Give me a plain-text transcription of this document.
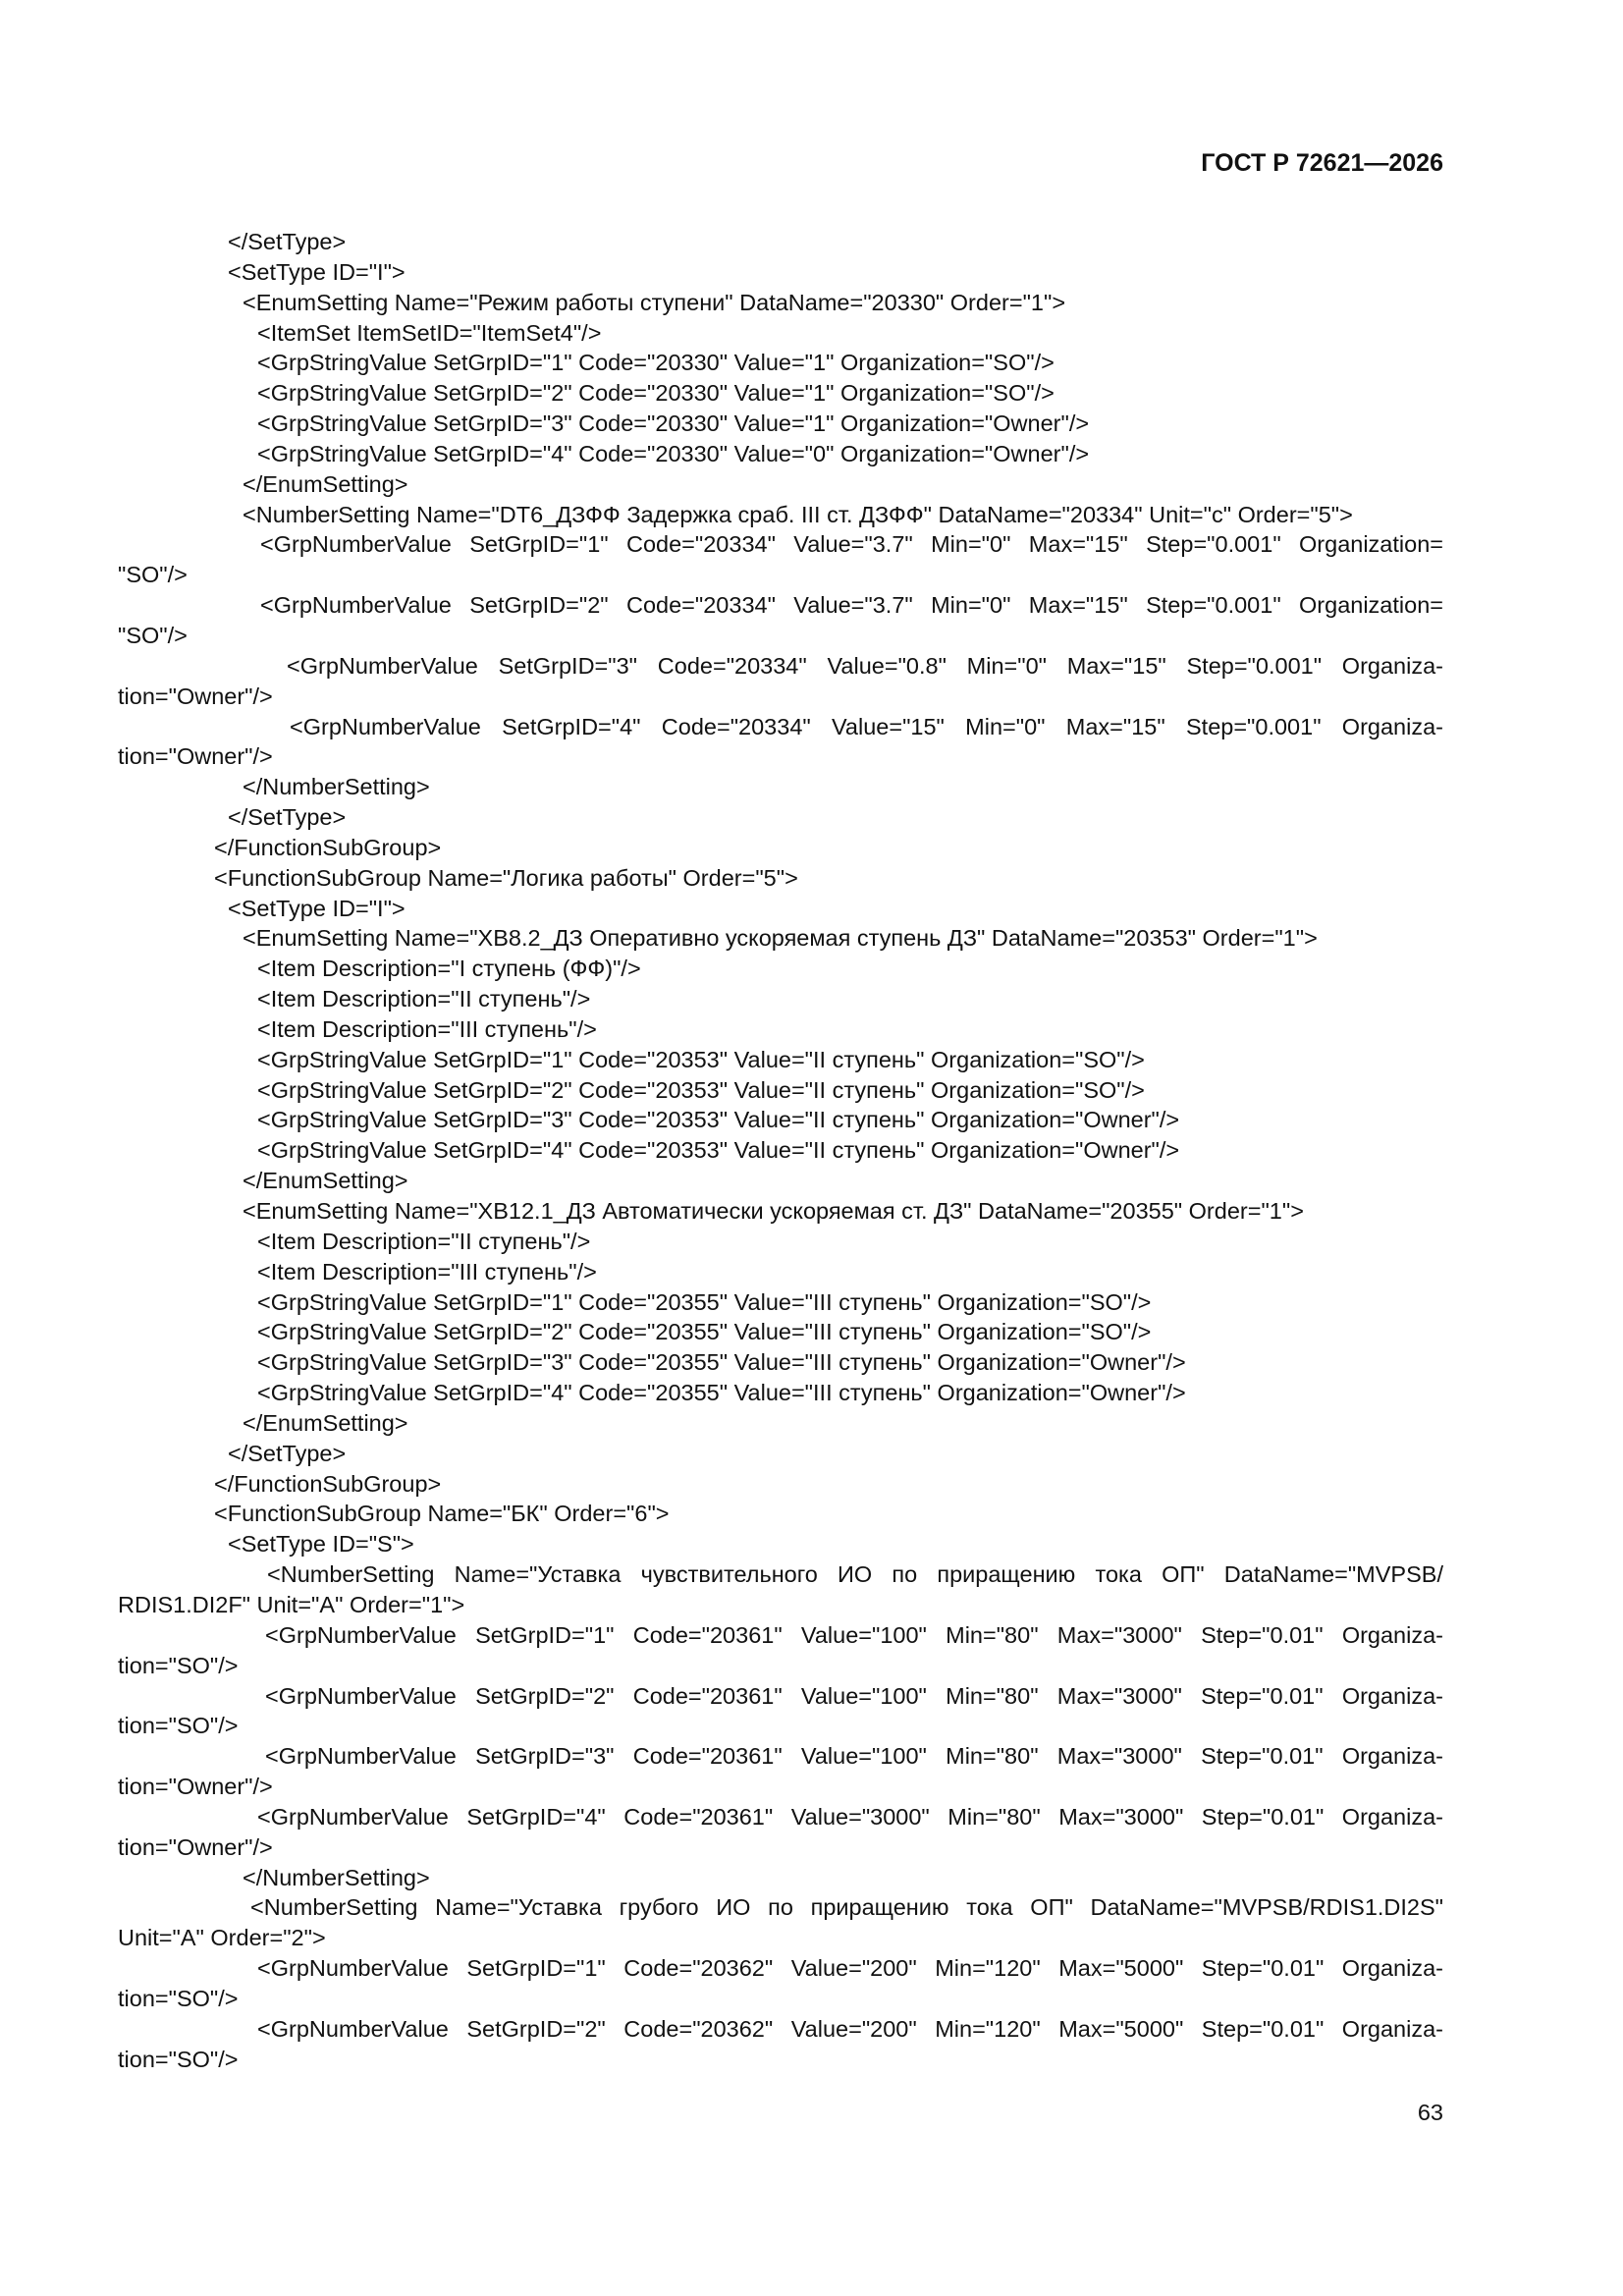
ГОСТ Р 72621—2026
</SetType>
<SetType ID="I">
<EnumSetting Name="Режим работы ступени" DataName="20330" Order="1">
<ItemSet ItemSetID="ItemSet4"/>
<GrpStringValue SetGrpID="1" Code="20330" Value="1" Organization="SO"/>
<GrpStringValue SetGrpID="2" Code="20330" Value="1" Organization="SO"/>
<GrpStringValue SetGrpID="3" Code="20330" Value="1" Organization="Owner"/>
<GrpStringValue SetGrpID="4" Code="20330" Value="0" Organization="Owner"/>
</EnumSetting>
<NumberSetting Name="DT6_ДЗФФ Задержка сраб. III ст. ДЗФФ" DataName="20334" Unit="c" Order="5">
<GrpNumberValue SetGrpID="1" Code="20334" Value="3.7" Min="0" Max="15" Step="0.001" Organization=
"SO"/>
<GrpNumberValue SetGrpID="2" Code="20334" Value="3.7" Min="0" Max="15" Step="0.001" Organization=
"SO"/>
<GrpNumberValue SetGrpID="3" Code="20334" Value="0.8" Min="0" Max="15" Step="0.001" Organiza-
tion="Owner"/>
<GrpNumberValue SetGrpID="4" Code="20334" Value="15" Min="0" Max="15" Step="0.001" Organiza-
tion="Owner"/>
</NumberSetting>
</SetType>
</FunctionSubGroup>
<FunctionSubGroup Name="Логика работы" Order="5">
<SetType ID="I">
<EnumSetting Name="XB8.2_ДЗ Оперативно ускоряемая ступень ДЗ" DataName="20353" Order="1">
<Item Description="I ступень (ФФ)"/>
<Item Description="II ступень"/>
<Item Description="III ступень"/>
<GrpStringValue SetGrpID="1" Code="20353" Value="II ступень" Organization="SO"/>
<GrpStringValue SetGrpID="2" Code="20353" Value="II ступень" Organization="SO"/>
<GrpStringValue SetGrpID="3" Code="20353" Value="II ступень" Organization="Owner"/>
<GrpStringValue SetGrpID="4" Code="20353" Value="II ступень" Organization="Owner"/>
</EnumSetting>
<EnumSetting Name="XB12.1_ДЗ Автоматически ускоряемая ст. ДЗ" DataName="20355" Order="1">
<Item Description="II ступень"/>
<Item Description="III ступень"/>
<GrpStringValue SetGrpID="1" Code="20355" Value="III ступень" Organization="SO"/>
<GrpStringValue SetGrpID="2" Code="20355" Value="III ступень" Organization="SO"/>
<GrpStringValue SetGrpID="3" Code="20355" Value="III ступень" Organization="Owner"/>
<GrpStringValue SetGrpID="4" Code="20355" Value="III ступень" Organization="Owner"/>
</EnumSetting>
</SetType>
</FunctionSubGroup>
<FunctionSubGroup Name="БК" Order="6">
<SetType ID="S">
<NumberSetting Name="Уставка чувствительного ИО по приращению тока ОП" DataName="MVPSB/
RDIS1.DI2F" Unit="A" Order="1">
<GrpNumberValue SetGrpID="1" Code="20361" Value="100" Min="80" Max="3000" Step="0.01" Organiza-
tion="SO"/>
<GrpNumberValue SetGrpID="2" Code="20361" Value="100" Min="80" Max="3000" Step="0.01" Organiza-
tion="SO"/>
<GrpNumberValue SetGrpID="3" Code="20361" Value="100" Min="80" Max="3000" Step="0.01" Organiza-
tion="Owner"/>
<GrpNumberValue SetGrpID="4" Code="20361" Value="3000" Min="80" Max="3000" Step="0.01" Organiza-
tion="Owner"/>
</NumberSetting>
<NumberSetting Name="Уставка грубого ИО по приращению тока ОП" DataName="MVPSB/RDIS1.DI2S"
Unit="A" Order="2">
<GrpNumberValue SetGrpID="1" Code="20362" Value="200" Min="120" Max="5000" Step="0.01" Organiza-
tion="SO"/>
<GrpNumberValue SetGrpID="2" Code="20362" Value="200" Min="120" Max="5000" Step="0.01" Organiza-
tion="SO"/>
63
